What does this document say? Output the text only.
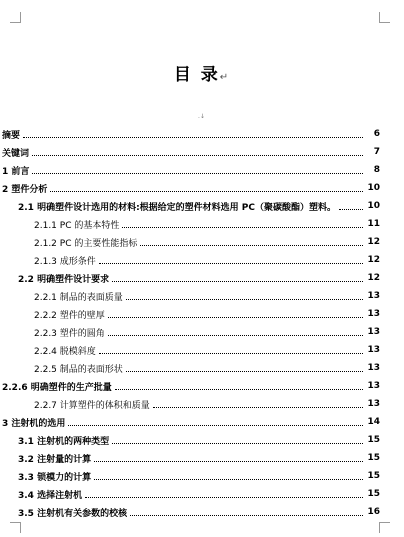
目 录↵
.↓
摘要	6
关键词	7
1 前言	8
2 塑件分析	10
2.1 明确塑件设计选用的材料:根据给定的塑件材料选用 PC（聚碳酸酯）塑料。	10
2.1.1 PC 的基本特性	11
2.1.2 PC 的主要性能指标	12
2.1.3 成形条件	12
2.2 明确塑件设计要求	12
2.2.1 制品的表面质量	13
2.2.2 塑件的壁厚	13
2.2.3 塑件的圆角	13
2.2.4 脱模斜度	13
2.2.5 制品的表面形状	13
2.2.6 明确塑件的生产批量	13
2.2.7 计算塑件的体积和质量	13
3 注射机的选用	14
3.1 注射机的两种类型	15
3.2 注射量的计算	15
3.3 锁模力的计算	15
3.4 选择注射机	15
3.5 注射机有关参数的校核	16
